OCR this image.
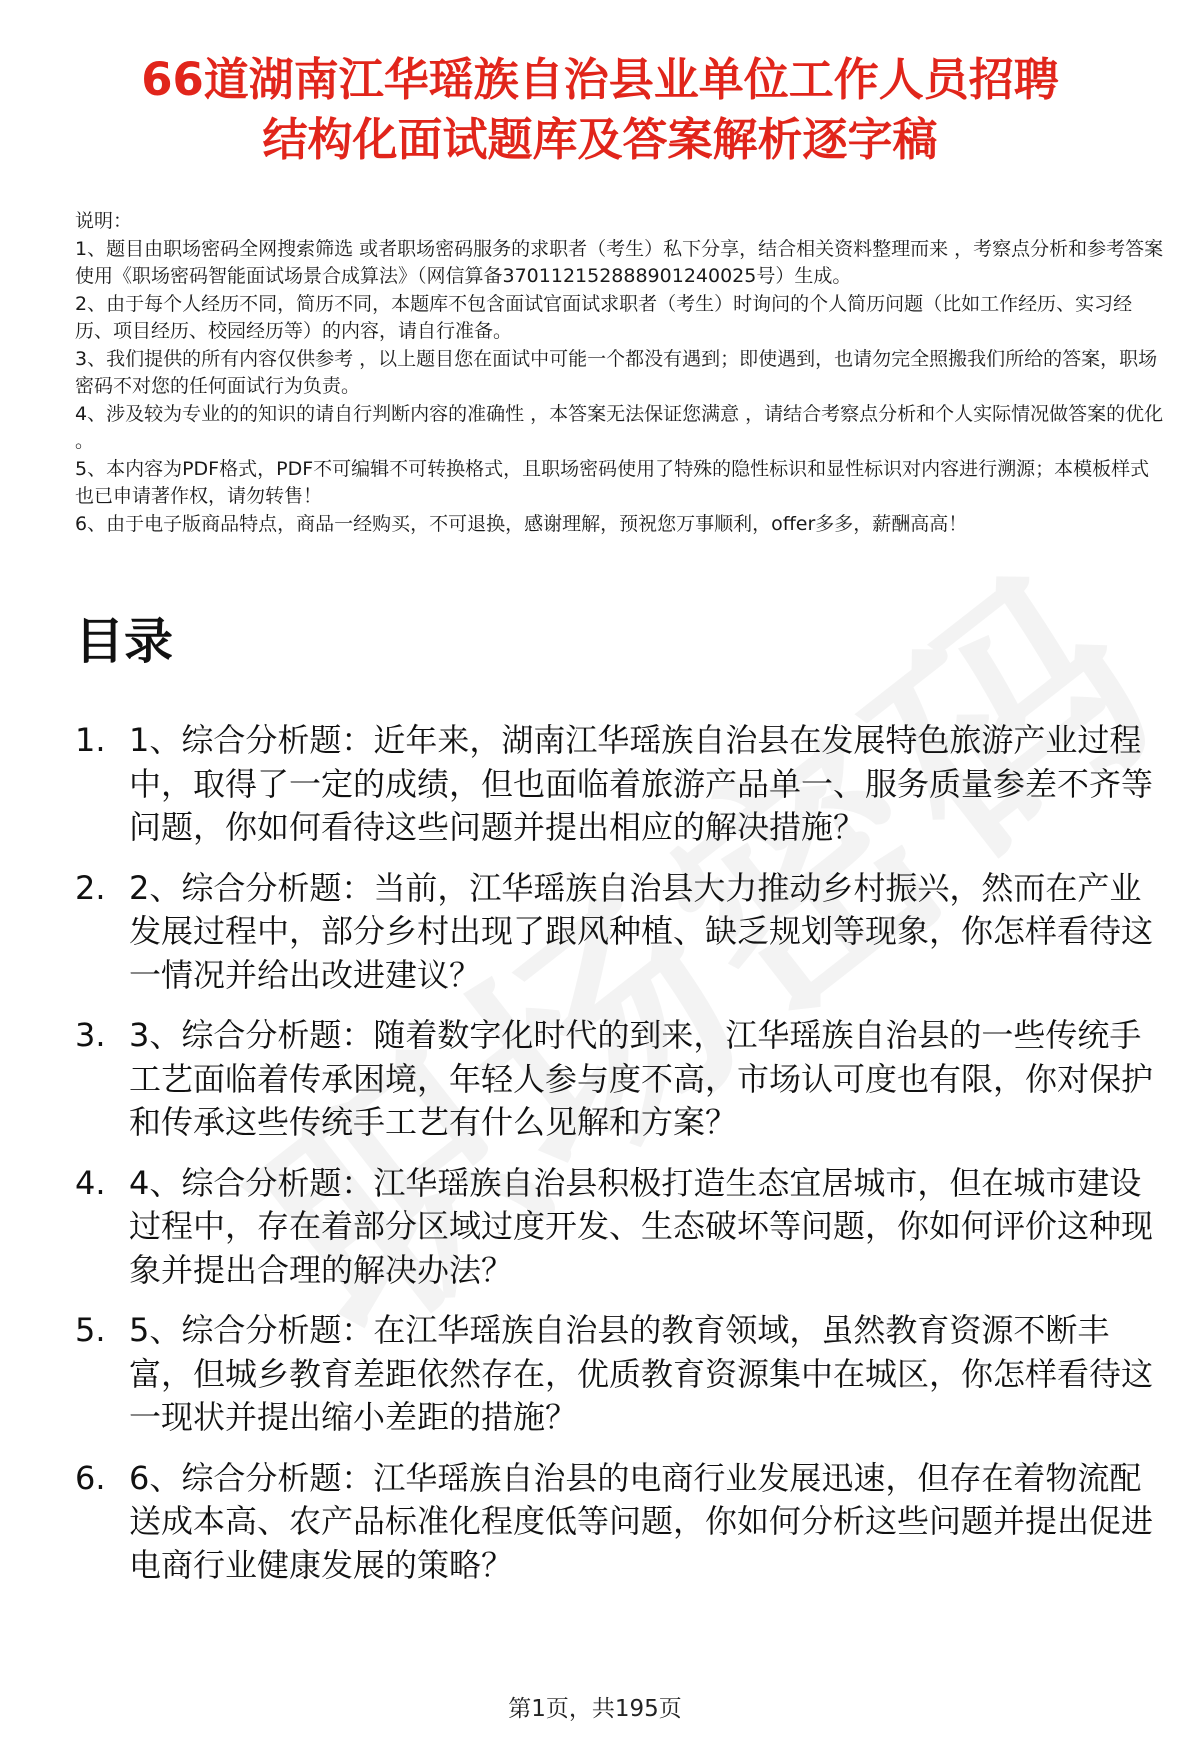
66道湖南江华瑶族自治县业单位工作人员招聘
结构化面试题库及答案解析逐字稿

说明：

1、题目由职场密码全网搜索筛选 或者职场密码服务的求职者（考生）私下分享，结合相关资料整理而来 ，考察点分析和参考答案使用《职场密码智能面试场景合成算法》（网信算备370112152888901240025号）生成。

2、由于每个人经历不同，简历不同，本题库不包含面试官面试求职者（考生）时询问的个人简历问题（比如工作经历、实习经历、项目经历、校园经历等）的内容，请自行准备。

3、我们提供的所有内容仅供参考 ，以上题目您在面试中可能一个都没有遇到；即使遇到，也请勿完全照搬我们所给的答案，职场密码不对您的任何面试行为负责。

4、涉及较为专业的的知识的请自行判断内容的准确性 ，本答案无法保证您满意 ，请结合考察点分析和个人实际情况做答案的优化 。

5、本内容为PDF格式，PDF不可编辑不可转换格式，且职场密码使用了特殊的隐性标识和显性标识对内容进行溯源；本模板样式也已申请著作权，请勿转售！

6、由于电子版商品特点，商品一经购买，不可退换，感谢理解，预祝您万事顺利，offer多多，薪酬高高！

目录
1. 1、综合分析题：近年来，湖南江华瑶族自治县在发展特色旅游产业过程中，取得了一定的成绩，但也面临着旅游产品单一、服务质量参差不齐等问题，你如何看待这些问题并提出相应的解决措施？
2. 2、综合分析题：当前，江华瑶族自治县大力推动乡村振兴，然而在产业发展过程中，部分乡村出现了跟风种植、缺乏规划等现象，你怎样看待这一情况并给出改进建议？
3. 3、综合分析题：随着数字化时代的到来，江华瑶族自治县的一些传统手工艺面临着传承困境，年轻人参与度不高，市场认可度也有限，你对保护和传承这些传统手工艺有什么见解和方案？
4. 4、综合分析题：江华瑶族自治县积极打造生态宜居城市，但在城市建设过程中，存在着部分区域过度开发、生态破坏等问题，你如何评价这种现象并提出合理的解决办法？
5. 5、综合分析题：在江华瑶族自治县的教育领域，虽然教育资源不断丰富，但城乡教育差距依然存在，优质教育资源集中在城区，你怎样看待这一现状并提出缩小差距的措施？
6. 6、综合分析题：江华瑶族自治县的电商行业发展迅速，但存在着物流配送成本高、农产品标准化程度低等问题，你如何分析这些问题并提出促进电商行业健康发展的策略？
第1页，共195页
